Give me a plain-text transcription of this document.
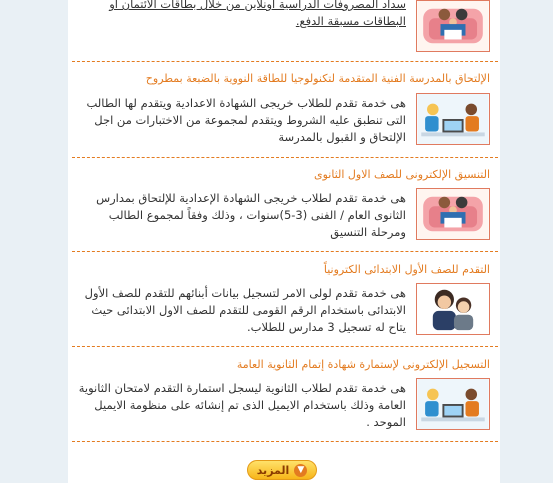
سداد المصروفات الدراسية اونلاين من خلال بطاقات الائتمان او البطاقات مسبقة الدفع.
الإلتحاق بالمدرسة الفنية المتقدمة لتكنولوجيا للطاقة النووية بالضبعة بمطروح
هى خدمة تقدم للطلاب خريجى الشهادة الاعدادية ويتقدم لها الطالب التى تنطبق عليه الشروط ويتقدم لمجموعة من الاختبارات من اجل الإلتحاق و القبول بالمدرسة
التنسيق الإلكترونى للصف الاول الثانوى
هى خدمة تقدم لطلاب خريجى الشهادة الإعدادية للإلتحاق بمدارس الثانوى العام / الفنى (3-5)سنوات ، وذلك وفقاً لمجموع الطالب ومرحلة التنسيق
التقدم للصف الأول الابتدائى الكترونياً
هى خدمة تقدم لولى الامر لتسجيل بيانات أبنائهم للتقدم للصف الأول الابتدائى باستخدام الرقم القومى للتقدم للصف الاول الابتدائى حيث يتاح له تسجيل 3 مدارس للطلاب.
التسجيل الإلكترونى لإستمارة شهادة إتمام الثانوية العامة
هى خدمة تقدم لطلاب الثانوية ليسجل استمارة التقدم لامتحان الثانوية العامة وذلك باستخدام الايميل الذى تم إنشائه على منظومة الايميل الموحد .
▼
المزيد
